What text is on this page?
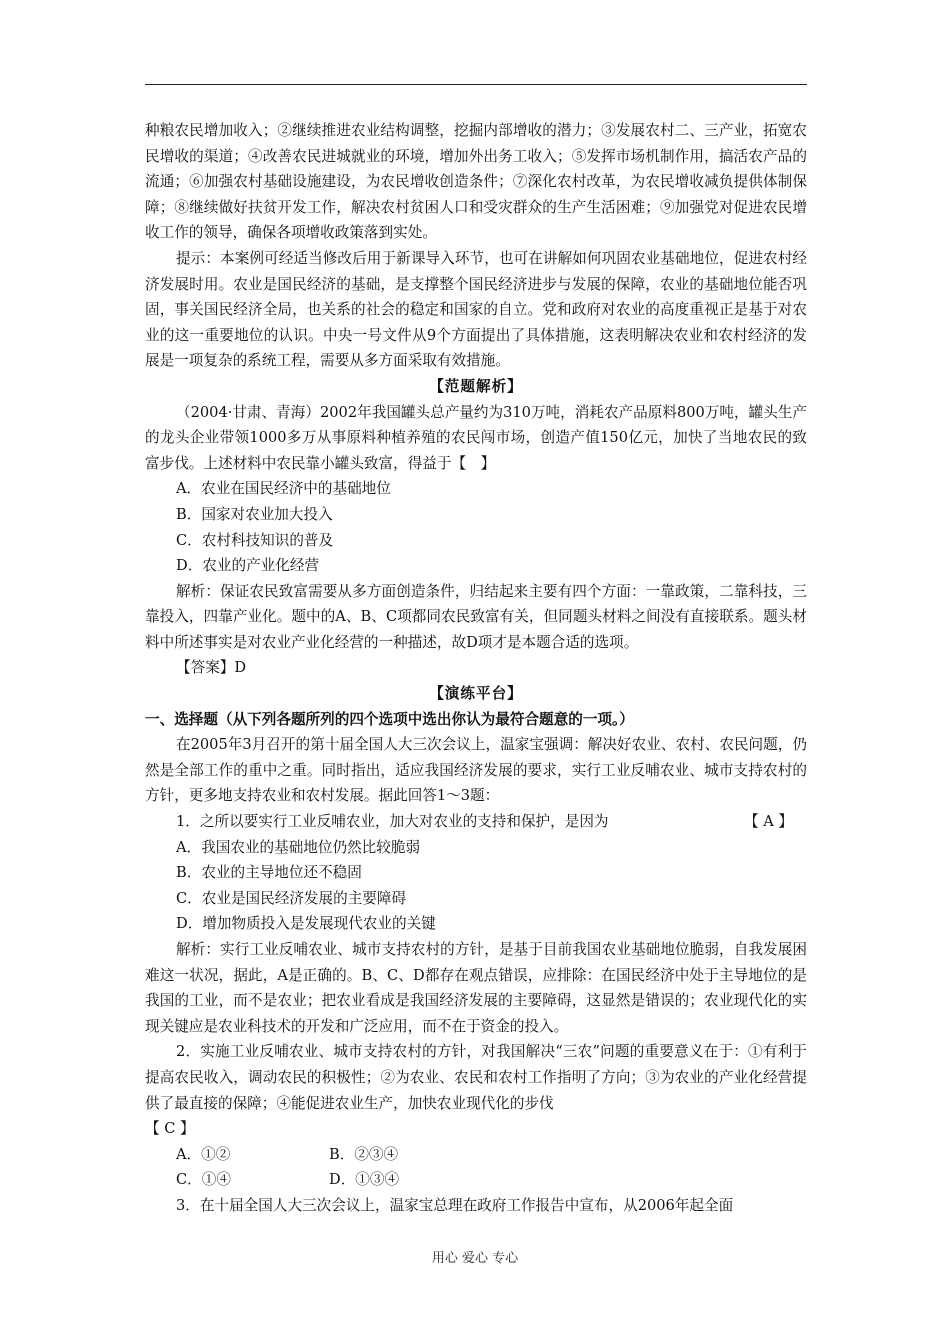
种粮农民增加收入；②继续推进农业结构调整，挖掘内部增收的潜力；③发展农村二、三产业，拓宽农民增收的渠道；④改善农民进城就业的环境，增加外出务工收入；⑤发挥市场机制作用，搞活农产品的流通；⑥加强农村基础设施建设，为农民增收创造条件；⑦深化农村改革，为农民增收减负提供体制保障；⑧继续做好扶贫开发工作，解决农村贫困人口和受灾群众的生产生活困难；⑨加强党对促进农民增收工作的领导，确保各项增收政策落到实处。

提示：本案例可经适当修改后用于新课导入环节，也可在讲解如何巩固农业基础地位，促进农村经济发展时用。农业是国民经济的基础，是支撑整个国民经济进步与发展的保障，农业的基础地位能否巩固，事关国民经济全局，也关系的社会的稳定和国家的自立。党和政府对农业的高度重视正是基于对农业的这一重要地位的认识。中央一号文件从9个方面提出了具体措施，这表明解决农业和农村经济的发展是一项复杂的系统工程，需要从多方面采取有效措施。

【范题解析】

（2004·甘肃、青海）2002年我国罐头总产量约为310万吨，消耗农产品原料800万吨，罐头生产的龙头企业带领1000多万从事原料种植养殖的农民闯市场，创造产值150亿元，加快了当地农民的致富步伐。上述材料中农民靠小罐头致富，得益于【　】

A．农业在国民经济中的基础地位

B．国家对农业加大投入

C．农村科技知识的普及

D．农业的产业化经营

解析：保证农民致富需要从多方面创造条件，归结起来主要有四个方面：一靠政策，二靠科技，三靠投入，四靠产业化。题中的A、B、C项都同农民致富有关，但同题头材料之间没有直接联系。题头材料中所述事实是对农业产业化经营的一种描述，故D项才是本题合适的选项。

【答案】D

【演练平台】

一、选择题（从下列各题所列的四个选项中选出你认为最符合题意的一项。）

在2005年3月召开的第十届全国人大三次会议上，温家宝强调：解决好农业、农村、农民问题，仍然是全部工作的重中之重。同时指出，适应我国经济发展的要求，实行工业反哺农业、城市支持农村的方针，更多地支持农业和农村发展。据此回答1～3题：

1．之所以要实行工业反哺农业，加大对农业的支持和保护，是因为	【 A 】

A．我国农业的基础地位仍然比较脆弱

B．农业的主导地位还不稳固

C．农业是国民经济发展的主要障碍

D．增加物质投入是发展现代农业的关键

解析：实行工业反哺农业、城市支持农村的方针，是基于目前我国农业基础地位脆弱，自我发展困难这一状况，据此，A是正确的。B、C、D都存在观点错误，应排除：在国民经济中处于主导地位的是我国的工业，而不是农业；把农业看成是我国经济发展的主要障碍，这显然是错误的；农业现代化的实现关键应是农业科技术的开发和广泛应用，而不在于资金的投入。

2．实施工业反哺农业、城市支持农村的方针，对我国解决“三农”问题的重要意义在于：①有利于提高农民收入，调动农民的积极性；②为农业、农民和农村工作指明了方向；③为农业的产业化经营提供了最直接的保障；④能促进农业生产，加快农业现代化的步伐

【 C 】

A．①②	B．②③④
C．①④	D．①③④

3．在十届全国人大三次会议上，温家宝总理在政府工作报告中宣布，从2006年起全面

用心 爱心 专心
